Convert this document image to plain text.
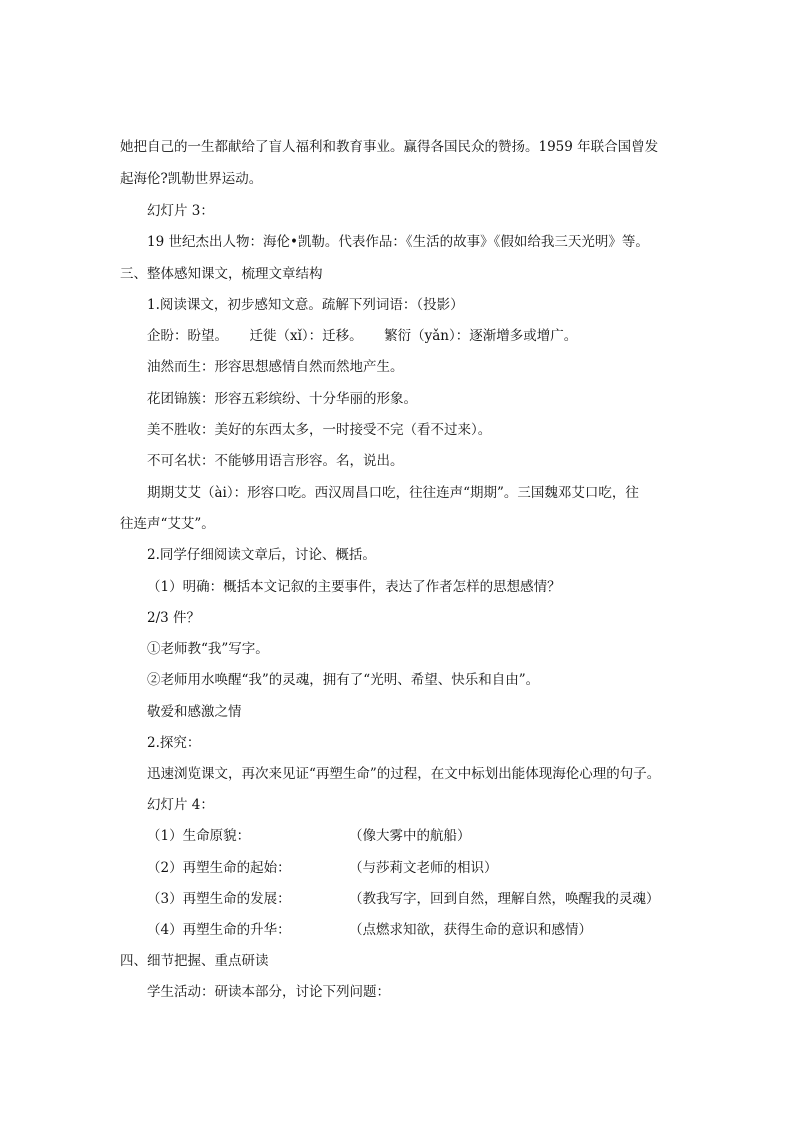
她把自己的一生都献给了盲人福利和教育事业。赢得各国民众的赞扬。1959 年联合国曾发
起海伦?凯勒世界运动。
幻灯片 3：
19 世纪杰出人物：海伦•凯勒。代表作品：《生活的故事》《假如给我三天光明》等。
三、整体感知课文，梳理文章结构
1.阅读课文，初步感知文意。疏解下列词语：（投影）
企盼：盼望。     迁徙（xǐ）：迁移。     繁衍（yǎn）：逐渐增多或增广。
油然而生：形容思想感情自然而然地产生。
花团锦簇：形容五彩缤纷、十分华丽的形象。
美不胜收：美好的东西太多，一时接受不完（看不过来）。
不可名状：不能够用语言形容。名，说出。
期期艾艾（ài）：形容口吃。西汉周昌口吃，往往连声“期期”。三国魏邓艾口吃，往
往连声“艾艾”。
2.同学仔细阅读文章后，讨论、概括。
（1）明确：概括本文记叙的主要事件，表达了作者怎样的思想感情？
2/3 件？
①老师教“我”写字。
②老师用水唤醒“我”的灵魂，拥有了“光明、希望、快乐和自由”。
敬爱和感激之情
2.探究：
迅速浏览课文，再次来见证“再塑生命”的过程，在文中标划出能体现海伦心理的句子。
幻灯片 4：
（1）生命原貌：	（像大雾中的航船）
（2）再塑生命的起始：	（与莎莉文老师的相识）
（3）再塑生命的发展：	（教我写字，回到自然，理解自然，唤醒我的灵魂）
（4）再塑生命的升华：	（点燃求知欲，获得生命的意识和感情）
四、细节把握、重点研读
学生活动：研读本部分，讨论下列问题：
